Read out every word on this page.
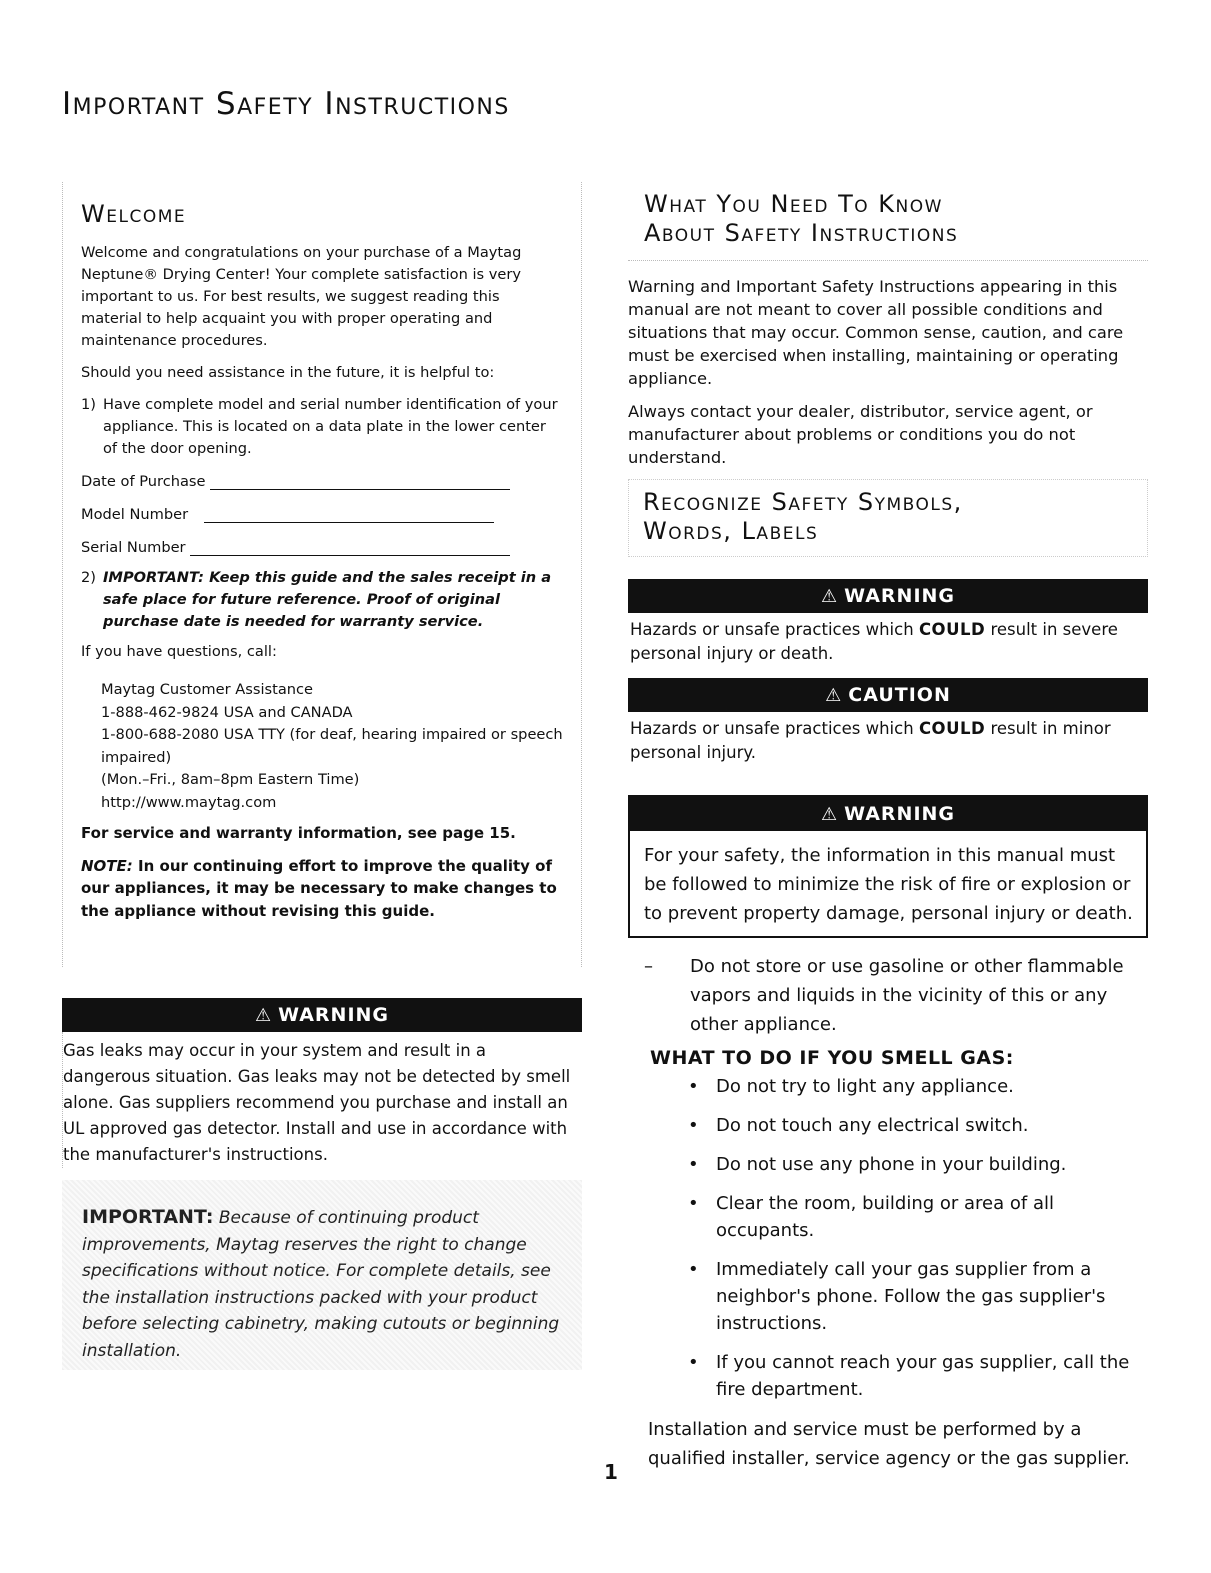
Important Safety Instructions
Welcome

Welcome and congratulations on your purchase of a Maytag Neptune® Drying Center! Your complete satisfaction is very important to us. For best results, we suggest reading this material to help acquaint you with proper operating and maintenance procedures.

Should you need assistance in the future, it is helpful to:

1) Have complete model and serial number identification of your appliance. This is located on a data plate in the lower center of the door opening.
Date of Purchase
Model Number
Serial Number
2) IMPORTANT: Keep this guide and the sales receipt in a safe place for future reference. Proof of original purchase date is needed for warranty service.

If you have questions, call:

Maytag Customer Assistance
1-888-462-9824 USA and CANADA
1-800-688-2080 USA TTY (for deaf, hearing impaired or speech impaired)
(Mon.–Fri., 8am–8pm Eastern Time)
http://www.maytag.com

For service and warranty information, see page 15.

NOTE: In our continuing effort to improve the quality of our appliances, it may be necessary to make changes to the appliance without revising this guide.

⚠ WARNING

Gas leaks may occur in your system and result in a dangerous situation. Gas leaks may not be detected by smell alone. Gas suppliers recommend you purchase and install an UL approved gas detector. Install and use in accordance with the manufacturer's instructions.

IMPORTANT: Because of continuing product improvements, Maytag reserves the right to change specifications without notice. For complete details, see the installation instructions packed with your product before selecting cabinetry, making cutouts or beginning installation.
What You Need To Know
About Safety Instructions

Warning and Important Safety Instructions appearing in this manual are not meant to cover all possible conditions and situations that may occur. Common sense, caution, and care must be exercised when installing, maintaining or operating appliance.

Always contact your dealer, distributor, service agent, or manufacturer about problems or conditions you do not understand.

Recognize Safety Symbols,
Words, Labels
⚠ WARNING

Hazards or unsafe practices which COULD result in severe personal injury or death.

⚠ CAUTION

Hazards or unsafe practices which COULD result in minor personal injury.

⚠ WARNING

For your safety, the information in this manual must be followed to minimize the risk of fire or explosion or to prevent property damage, personal injury or death.

–	Do not store or use gasoline or other flammable vapors and liquids in the vicinity of this or any other appliance.
WHAT TO DO IF YOU SMELL GAS:
• Do not try to light any appliance.
• Do not touch any electrical switch.
• Do not use any phone in your building.
• Clear the room, building or area of all occupants.
• Immediately call your gas supplier from a neighbor's phone. Follow the gas supplier's instructions.
• If you cannot reach your gas supplier, call the fire department.

Installation and service must be performed by a qualified installer, service agency or the gas supplier.

1
